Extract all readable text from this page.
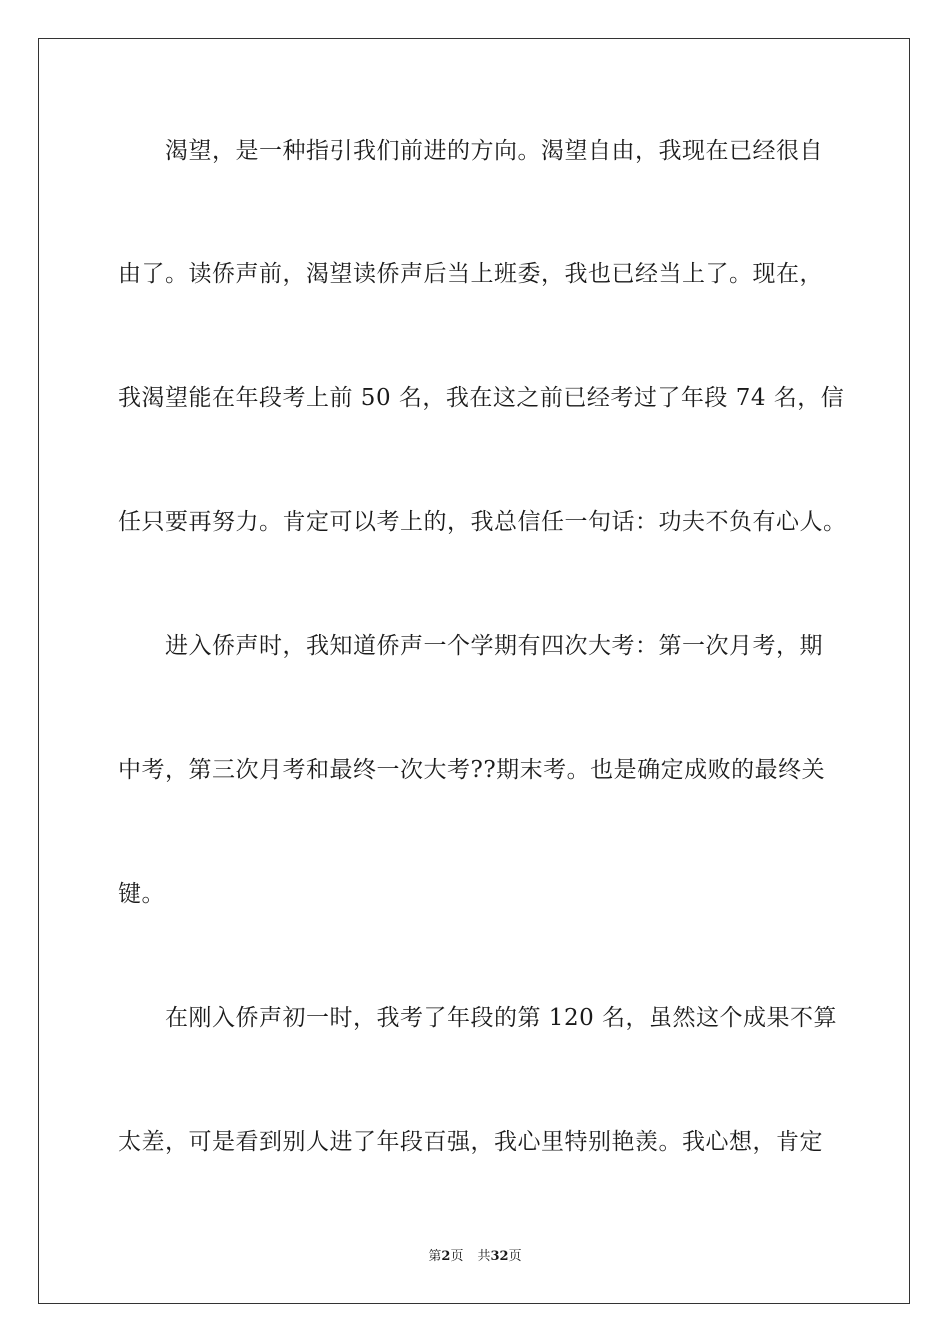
渴望，是一种指引我们前进的方向。渴望自由，我现在已经很自
由了。读侨声前，渴望读侨声后当上班委，我也已经当上了。现在，
我渴望能在年段考上前 50 名，我在这之前已经考过了年段 74 名，信
任只要再努力。肯定可以考上的，我总信任一句话：功夫不负有心人。
进入侨声时，我知道侨声一个学期有四次大考：第一次月考，期
中考，第三次月考和最终一次大考??期末考。也是确定成败的最终关
键。
在刚入侨声初一时，我考了年段的第 120 名，虽然这个成果不算
太差，可是看到别人进了年段百强，我心里特别艳羡。我心想，肯定
第2页 共32页
